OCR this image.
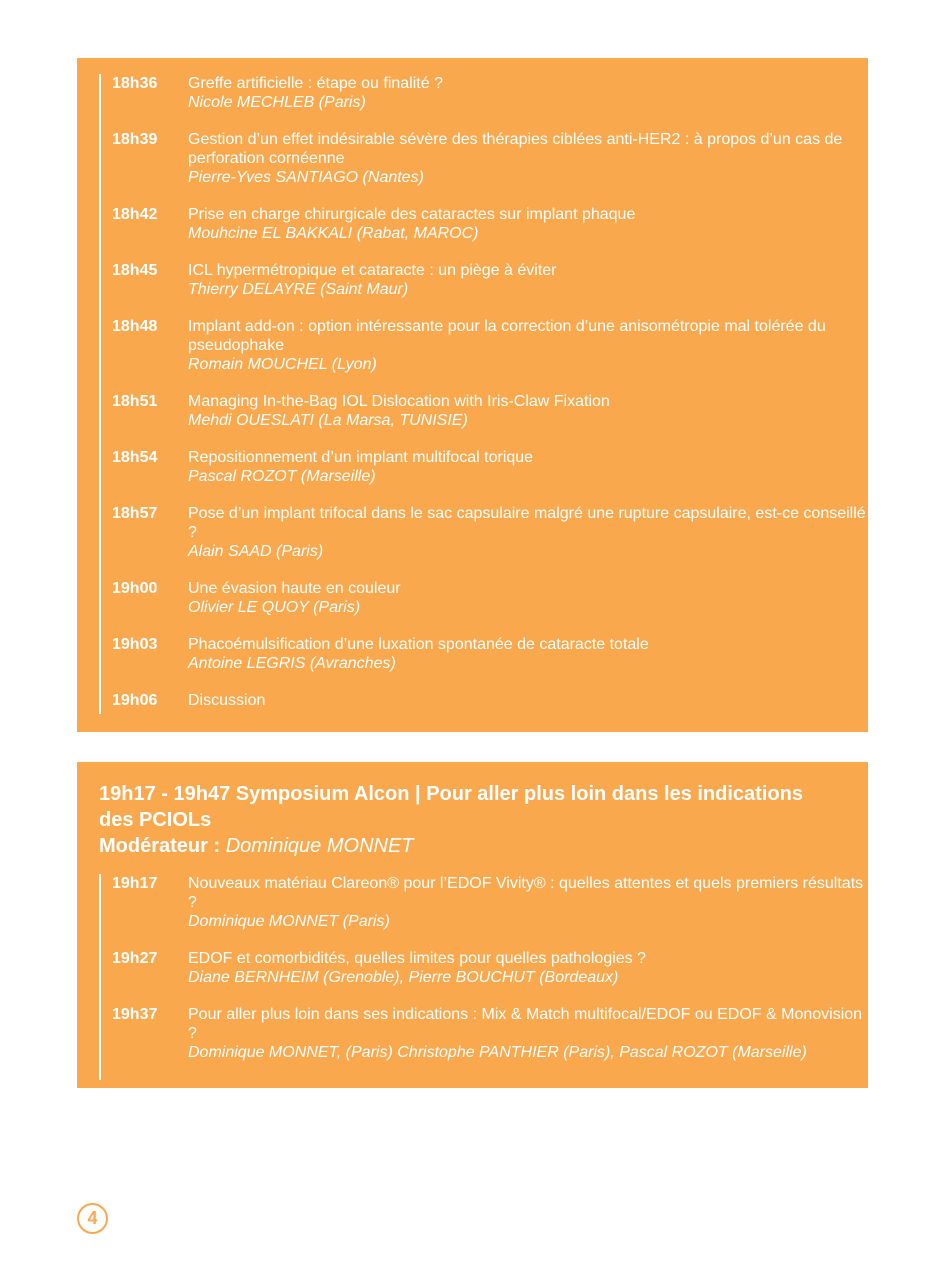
18h36	Greffe artificielle : étape ou finalité ?
Nicole MECHLEB (Paris)
18h39	Gestion d’un effet indésirable sévère des thérapies ciblées anti-HER2 : à propos d’un cas de perforation cornéenne
Pierre-Yves SANTIAGO (Nantes)
18h42	Prise en charge chirurgicale des cataractes sur implant phaque
Mouhcine EL BAKKALI (Rabat, MAROC)
18h45	ICL hypermétropique et cataracte : un piège à éviter
Thierry DELAYRE (Saint Maur)
18h48	Implant add-on : option intéressante pour la correction d’une anisométropie mal tolérée du pseudophake
Romain MOUCHEL (Lyon)
18h51	Managing In-the-Bag IOL Dislocation with Iris-Claw Fixation
Mehdi OUESLATI (La Marsa, TUNISIE)
18h54	Repositionnement d’un implant multifocal torique
Pascal ROZOT (Marseille)
18h57	Pose d’un implant trifocal dans le sac capsulaire malgré une rupture capsulaire, est-ce conseillé ?
Alain SAAD (Paris)
19h00	Une évasion haute en couleur
Olivier LE QUOY (Paris)
19h03	Phacoémulsification d’une luxation spontanée de cataracte totale
Antoine LEGRIS (Avranches)
19h06	Discussion
19h17 - 19h47 Symposium Alcon | Pour aller plus loin dans les indications des PCIOLs
Modérateur : Dominique MONNET
19h17	Nouveaux matériau Clareon® pour l’EDOF Vivity® : quelles attentes et quels premiers résultats ?
Dominique MONNET (Paris)
19h27	EDOF et comorbidités, quelles limites pour quelles pathologies ?
Diane BERNHEIM (Grenoble), Pierre BOUCHUT (Bordeaux)
19h37	Pour aller plus loin dans ses indications : Mix & Match multifocal/EDOF ou EDOF & Monovision ?
Dominique MONNET, (Paris) Christophe PANTHIER (Paris), Pascal ROZOT (Marseille)
4
